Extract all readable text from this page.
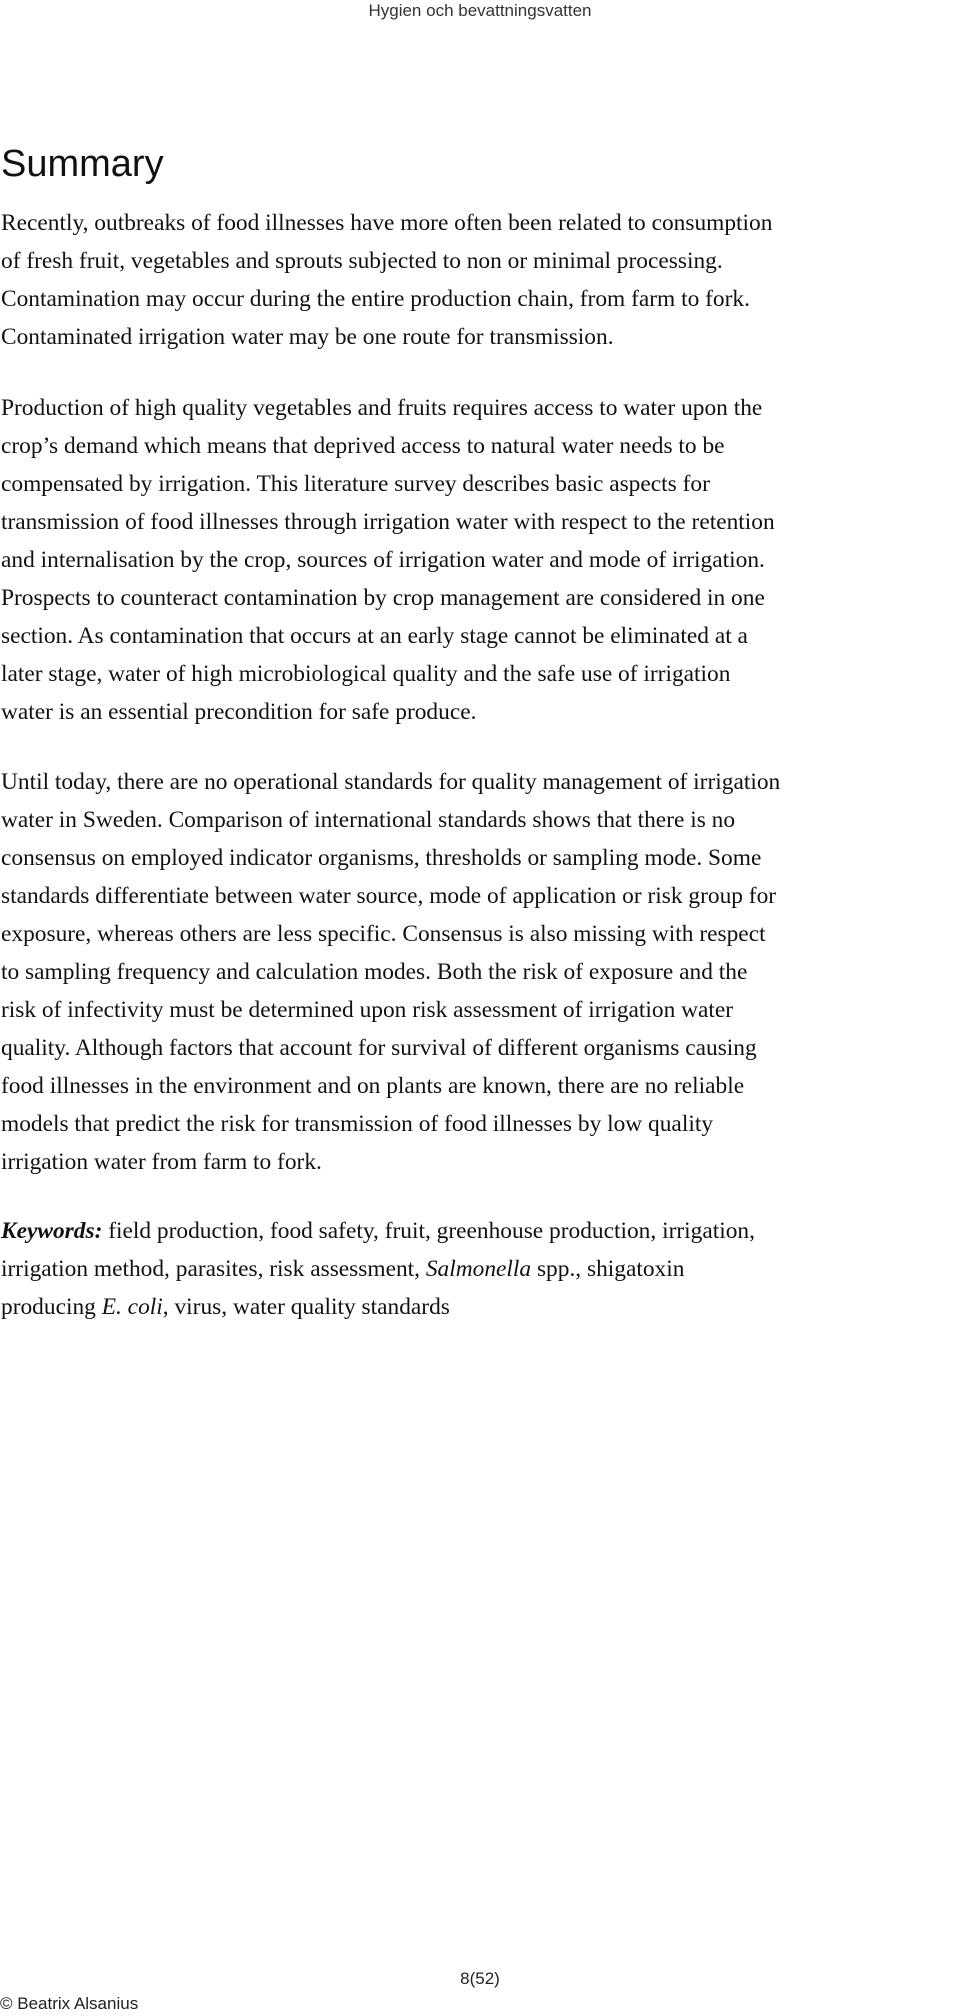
Hygien och bevattningsvatten
Summary

Recently, outbreaks of food illnesses have more often been related to consumption
of fresh fruit, vegetables and sprouts subjected to non or minimal processing.
Contamination may occur during the entire production chain, from farm to fork.
Contaminated irrigation water may be one route for transmission.

Production of high quality vegetables and fruits requires access to water upon the
crop’s demand which means that deprived access to natural water needs to be
compensated by irrigation. This literature survey describes basic aspects for
transmission of food illnesses through irrigation water with respect to the retention
and internalisation by the crop, sources of irrigation water and mode of irrigation.
Prospects to counteract contamination by crop management are considered in one
section. As contamination that occurs at an early stage cannot be eliminated at a
later stage, water of high microbiological quality and the safe use of irrigation
water is an essential precondition for safe produce.

Until today, there are no operational standards for quality management of irrigation
water in Sweden. Comparison of international standards shows that there is no
consensus on employed indicator organisms, thresholds or sampling mode. Some
standards differentiate between water source, mode of application or risk group for
exposure, whereas others are less specific. Consensus is also missing with respect
to sampling frequency and calculation modes. Both the risk of exposure and the
risk of infectivity must be determined upon risk assessment of irrigation water
quality. Although factors that account for survival of different organisms causing
food illnesses in the environment and on plants are known, there are no reliable
models that predict the risk for transmission of food illnesses by low quality
irrigation water from farm to fork.

Keywords: field production, food safety, fruit, greenhouse production, irrigation,
irrigation method, parasites, risk assessment, Salmonella spp., shigatoxin
producing E. coli, virus, water quality standards

8(52)
© Beatrix Alsanius
